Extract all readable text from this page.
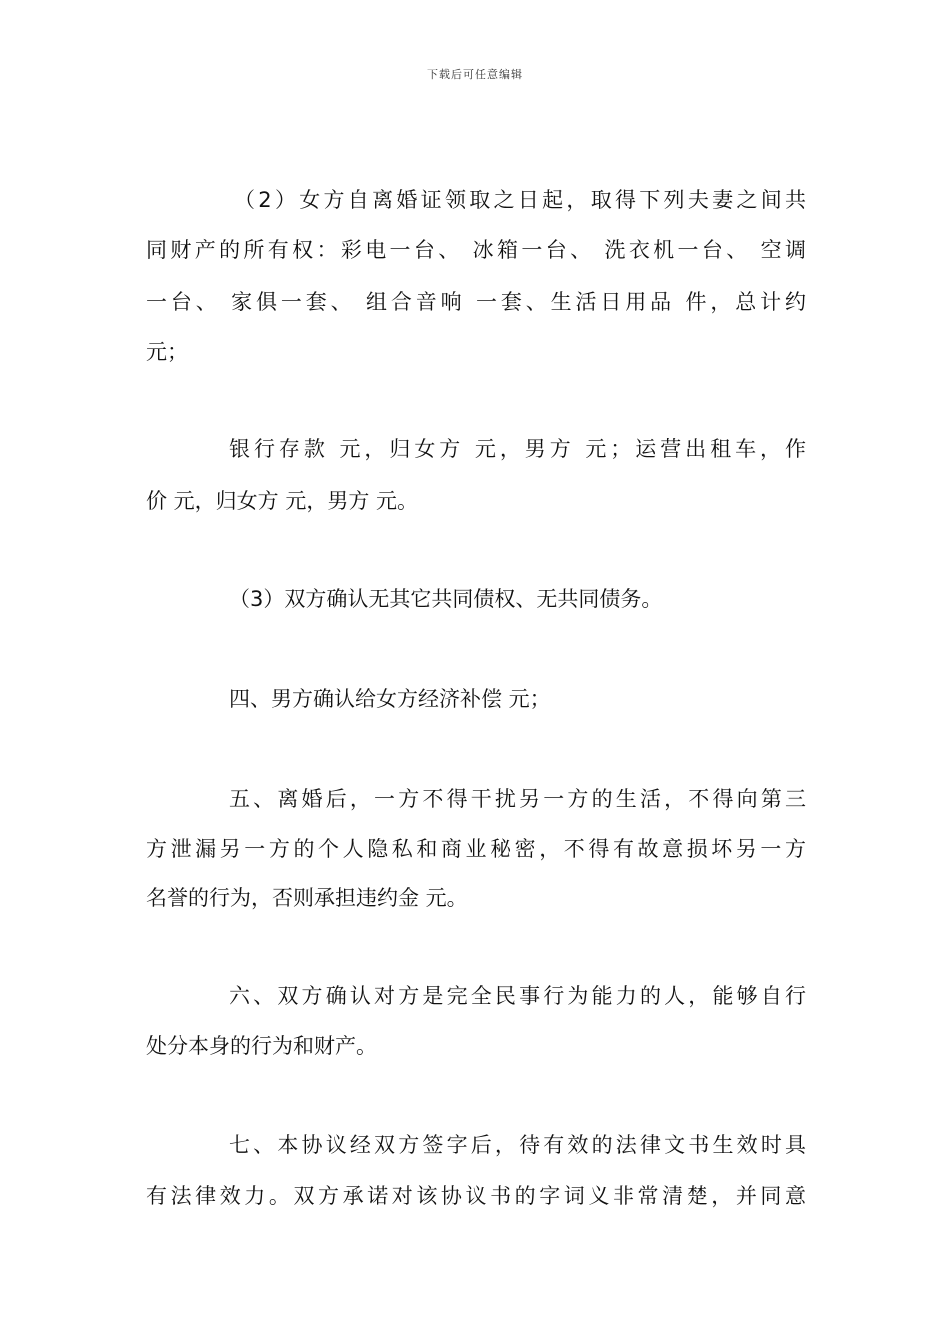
下载后可任意编辑
（2）女方自离婚证领取之日起，取得下列夫妻之间共
同财产的所有权：彩电一台、 冰箱一台、 洗衣机一台、 空调
一台、 家俱一套、 组合音响 一套、生活日用品 件，总计约
元；
银行存款 元，归女方 元，男方 元；运营出租车，作
价 元，归女方 元，男方 元。
（3）双方确认无其它共同债权、无共同债务。
四、男方确认给女方经济补偿 元；
五、离婚后，一方不得干扰另一方的生活，不得向第三
方泄漏另一方的个人隐私和商业秘密，不得有故意损坏另一方
名誉的行为，否则承担违约金 元。
六、双方确认对方是完全民事行为能力的人，能够自行
处分本身的行为和财产。
七、本协议经双方签字后，待有效的法律文书生效时具
有法律效力。双方承诺对该协议书的字词义非常清楚，并同意
